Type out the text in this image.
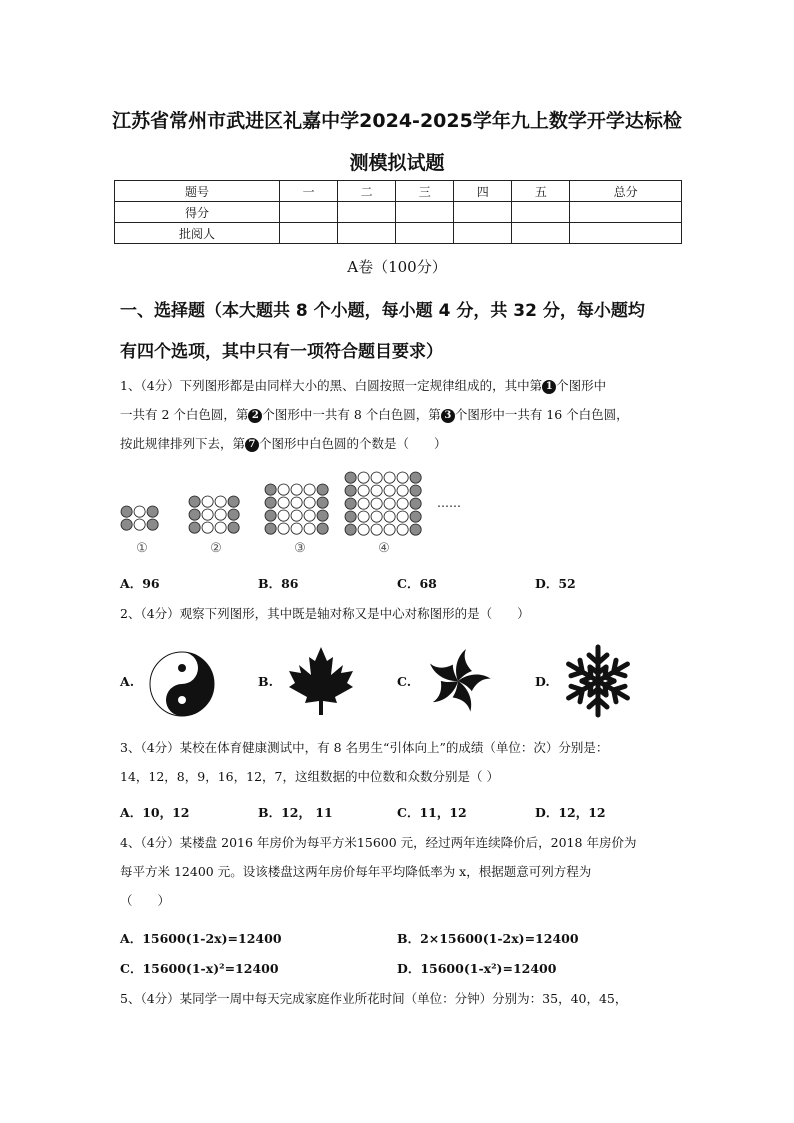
江苏省常州市武进区礼嘉中学2024-2025学年九上数学开学达标检
测模拟试题
题号	一	二	三	四	五	总分
得分						
批阅人						
A卷（100分）
一、选择题（本大题共 8 个小题，每小题 4 分，共 32 分，每小题均
有四个选项，其中只有一项符合题目要求）
1、（4分）下列图形都是由同样大小的黑、白圆按照一定规律组成的，其中第 1 个图形中
一共有 2 个白色圆，第 2 个图形中一共有 8 个白色圆，第 3 个图形中一共有 16 个白色圆，
按此规律排列下去，第 7 个图形中白色圆的个数是（　　）
……
①	②	③	④
A．96	B．86	C．68	D．52
2、（4分）观察下列图形，其中既是轴对称又是中心对称图形的是（　　）
A.	B.	C.	D.
3、（4分）某校在体育健康测试中，有 8 名男生“引体向上”的成绩（单位：次）分别是：
14，12，8，9，16，12，7，这组数据的中位数和众数分别是（ ）
A．10，12	B．12， 11	C．11，12	D．12，12
4、（4分）某楼盘 2016 年房价为每平方米15600 元，经过两年连续降价后，2018 年房价为
每平方米 12400 元。设该楼盘这两年房价每年平均降低率为 x，根据题意可列方程为
（　　）
A．15600(1-2x)=12400	B．2×15600(1-2x)=12400
C．15600(1-x)²=12400	D．15600(1-x²)=12400
5、（4分）某同学一周中每天完成家庭作业所花时间（单位：分钟）分别为：35，40，45，
